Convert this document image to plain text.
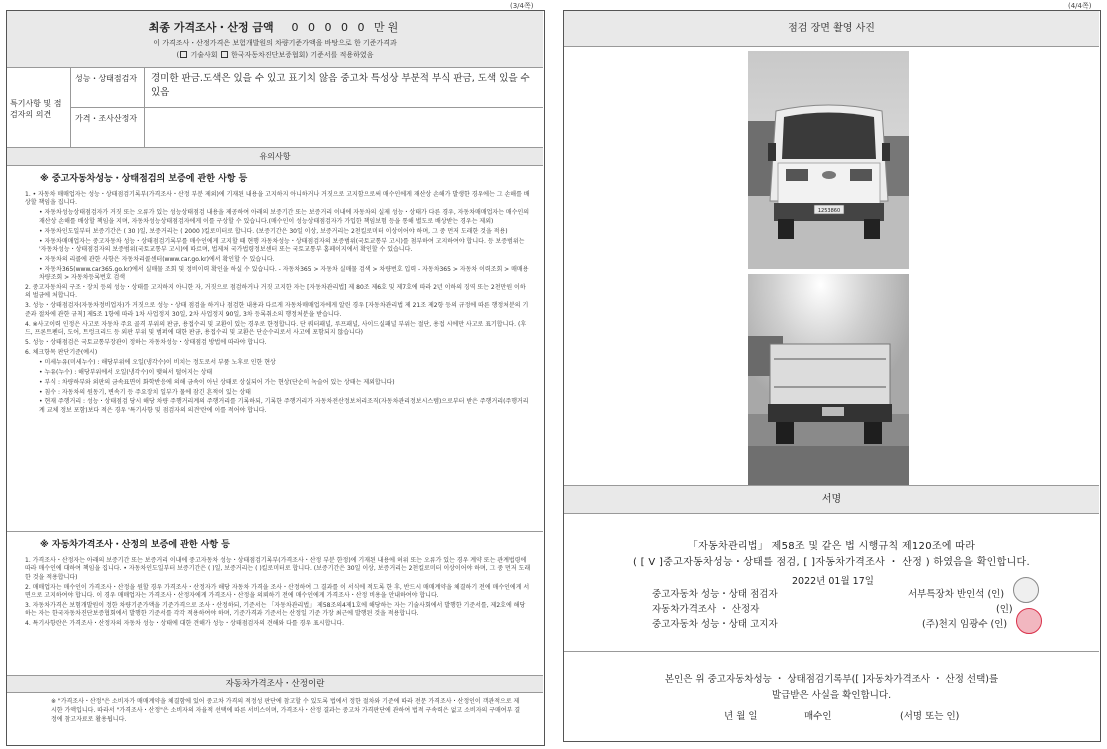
(3/4쪽)
최종 가격조사・산정 금액 0 0 0 0 0 만원
이 가격조사・산정가격은 보험개발원의 차량기준가액을 바탕으로 한 기준가격과
( 기술사회 한국자동차진단보증협회) 기준서를 적용하였음
특기사항 및 점검자의 의견
성능・상태점검자	경미한 판금.도색은 있을 수 있고 표기치 않음 중고차 특성상 부분적 부식 판금, 도색 있을 수 있음
가격・조사산정자
유의사항
※ 중고자동차성능・상태점검의 보증에 관한 사항 등

1. • 자동차 매매업자는 성능・상태점검기록부(가격조사・산정 부분 제외)에 기재된 내용을 고지하지 아니하거나 거짓으로 고지함으로써 매수인에게 재산상 손해가 발생한 경우에는 그 손해를 배상할 책임을 집니다.

• 자동차성능상태점검자가 거짓 또는 오류가 있는 성능상태점검 내용을 제공하여 아래의 보증기간 또는 보증거리 이내에 자동차의 실제 성능・상태가 다른 경우, 자동차매매업자는 매수인의 재산상 손해를 배상할 책임을 지며, 자동차성능상태점검자에게 이를 구상할 수 있습니다.(매수인이 성능상태점검자가 가입한 책임보험 등을 통해 별도로 배상받는 경우는 제외)

• 자동차인도일부터 보증기간은 ( 30 )일, 보증거리는 ( 2000 )킬로미터로 합니다. (보증기간은 30일 이상, 보증거리는 2천킬로미터 이상이어야 하며, 그 중 먼저 도래한 것을 적용)

• 자동차매매업자는 중고자동차 성능・상태점검기록부를 매수인에게 고지할 때 현행 자동차성능・상태점검자의 보증범위(국토교통부 고시)를 첨부하여 고지하여야 합니다. 등 보증범위는 '자동차성능・상태점검자의 보증범위(국토교통부 고시)에 따르며, 법제처 국가법령정보센터 또는 국토교통부 홈페이지에서 확인할 수 있습니다.

• 자동차의 리콜에 관한 사항은 자동차리콜센터(www.car.go.kr)에서 확인할 수 있습니다.

• 자동차365(www.car365.go.kr)에서 실매물 조회 및 정비이력 확인을 하실 수 있습니다. - 자동차365 > 자동차 실매물 검색 > 차량번호 입력 - 자동차365 > 자동차 이력조회 > 매매용차량조회 > 자동차등록번호 검색

2. 중고자동차의 구조・장치 등의 성능・상태를 고지하지 아니한 자, 거짓으로 점검하거나 거짓 고지한 자는 [자동차관리법] 제 80조 제6호 및 제7호에 따라 2년 이하의 징역 또는 2천만원 이하의 벌금에 처합니다.

3. 성능・상태점검자(자동차정비업자)가 거짓으로 성능・상태 점검을 하거나 점검한 내용과 다르게 자동차매매업자에게 알린 경우 [자동차관리법 제 21조 제2항 등의 규정에 따른 행정처분의 기준과 절차에 관한 규칙] 제5조 1항에 따라 1차 사업정지 30일, 2차 사업정지 90일, 3차 등록취소의 행정처분을 받습니다.

4. ※사고이력 인정은 사고로 자동차 주요 골격 부위의 판금, 용접수리 및 교환이 있는 경우로 한정합니다. 단 쿼터패널, 루프패널, 사이드실패널 부위는 절단, 용접 시에만 사고로 표기합니다. (후드, 프론트펜더, 도어, 트렁크리드 등 외판 부위 및 범퍼에 대한 판금, 용접수리 및 교환은 단순수리로서 사고에 포함되지 않습니다)

5. 성능・상태점검은 국토교통부장관이 정하는 자동차성능・상태점검 방법에 따라야 합니다.

6. 체크항목 판단기준(예시)

• 미세누유(미세누수) : 해당부위에 오일(냉각수)이 비치는 정도로서 부품 노후로 인한 현상

• 누유(누수) : 해당부위에서 오일(냉각수)이 맺혀서 떨어지는 상태

• 부식 : 차량하부와 외판의 금속표면이 화학반응에 의해 금속이 아닌 상태로 상실되어 가는 현상(단순히 녹슬어 있는 상태는 제외합니다)

• 침수 : 자동차의 원동기, 변속기 등 주요장치 일부가 물에 잠긴 흔적이 있는 상태

• 현재 주행거리 : 성능・상태점검 당시 해당 차량 주행거리계의 주행거리를 기록하되, 기록한 주행거리가 자동차전산정보처리조직(자동차관리정보시스템)으로부터 받은 주행거리(주행거리계 교체 정보 포함)보다 적은 경우 '특기사항 및 점검자의 의견'란에 이를 적어야 합니다.

※ 자동차가격조사・산정의 보증에 관한 사항 등

1. 가격조사・산정자는 아래의 보증기간 또는 보증거리 이내에 중고자동차 성능・상태점검기록부(가격조사・산정 부분 한정)에 기재된 내용에 허위 또는 오류가 있는 경우 계약 또는 관계법령에 따라 매수인에 대하여 책임을 집니다. • 자동차인도일부터 보증기간은 ( )일, 보증거리는 ( )킬로미터로 합니다. (보증기간은 30일 이상, 보증거리는 2천킬로미터 이상이어야 하며, 그 중 먼저 도래한 것을 적용합니다)

2. 매매업자는 매수인이 가격조사・산정을 원할 경우 가격조사・산정자가 해당 자동차 가격을 조사・산정하여 그 결과를 이 서식에 적도록 한 후, 반드시 매매계약을 체결하기 전에 매수인에게 서면으로 고지하여야 합니다. 이 경우 매매업자는 가격조사・산정자에게 가격조사・산정을 의뢰하기 전에 매수인에게 가격조사・산정 비용을 안내하여야 합니다.

3. 자동차가격은 보험개발원이 정한 차량기준가액을 기준가격으로 조사・산정하되, 기준서는 「자동차관리법」 제58조의4제1호에 해당하는 자는 기술사회에서 발행한 기준서를, 제2호에 해당하는 자는 한국자동차진단보증협회에서 발행한 기준서를 각각 적용하여야 하며, 기준가격과 기준서는 산정일 기준 가장 최근에 발행된 것을 적용합니다.

4. 특기사항란은 가격조사・산정자의 자동차 성능・상태에 대한 견해가 성능・상태점검자의 견해와 다를 경우 표시합니다.

자동차가격조사・산정이란
※ "가격조사・산정"은 소비자가 매매계약을 체결함에 있어 중고차 가격의 적정성 판단에 참고할 수 있도록 법에서 정한 절차와 기준에 따라 전문 가격조사・산정인이 객관적으로 제시한 가액입니다. 따라서 "가격조사・산정"은 소비자의 자율적 선택에 따른 서비스이며, 가격조사・산정 결과는 중고차 가격판단에 관하여 법적 구속력은 없고 소비자의 구매여부 결정에 참고자료로 활용됩니다.
(4/4쪽)
점검 장면 촬영 사진
1253860
서명
「자동차관리법」 제58조 및 같은 법 시행규칙 제120조에 따라
( [ V ]중고자동차성능・상태를 점검, [ ]자동차가격조사 ・ 산정 ) 하였음을 확인합니다.
2022년 01월 17일
중고자동차 성능・상태 점검자	서부특장차 반인석 (인)
자동차가격조사 ・ 산정자	(인)
중고자동차 성능・상태 고지자	(주)천지 임광수 (인)
본인은 위 중고자동차성능 ・ 상태점검기록부([ ]자동차가격조사 ・ 산정 선택)를
발급받은 사실을 확인합니다.
년 월 일	매수인	(서명 또는 인)
